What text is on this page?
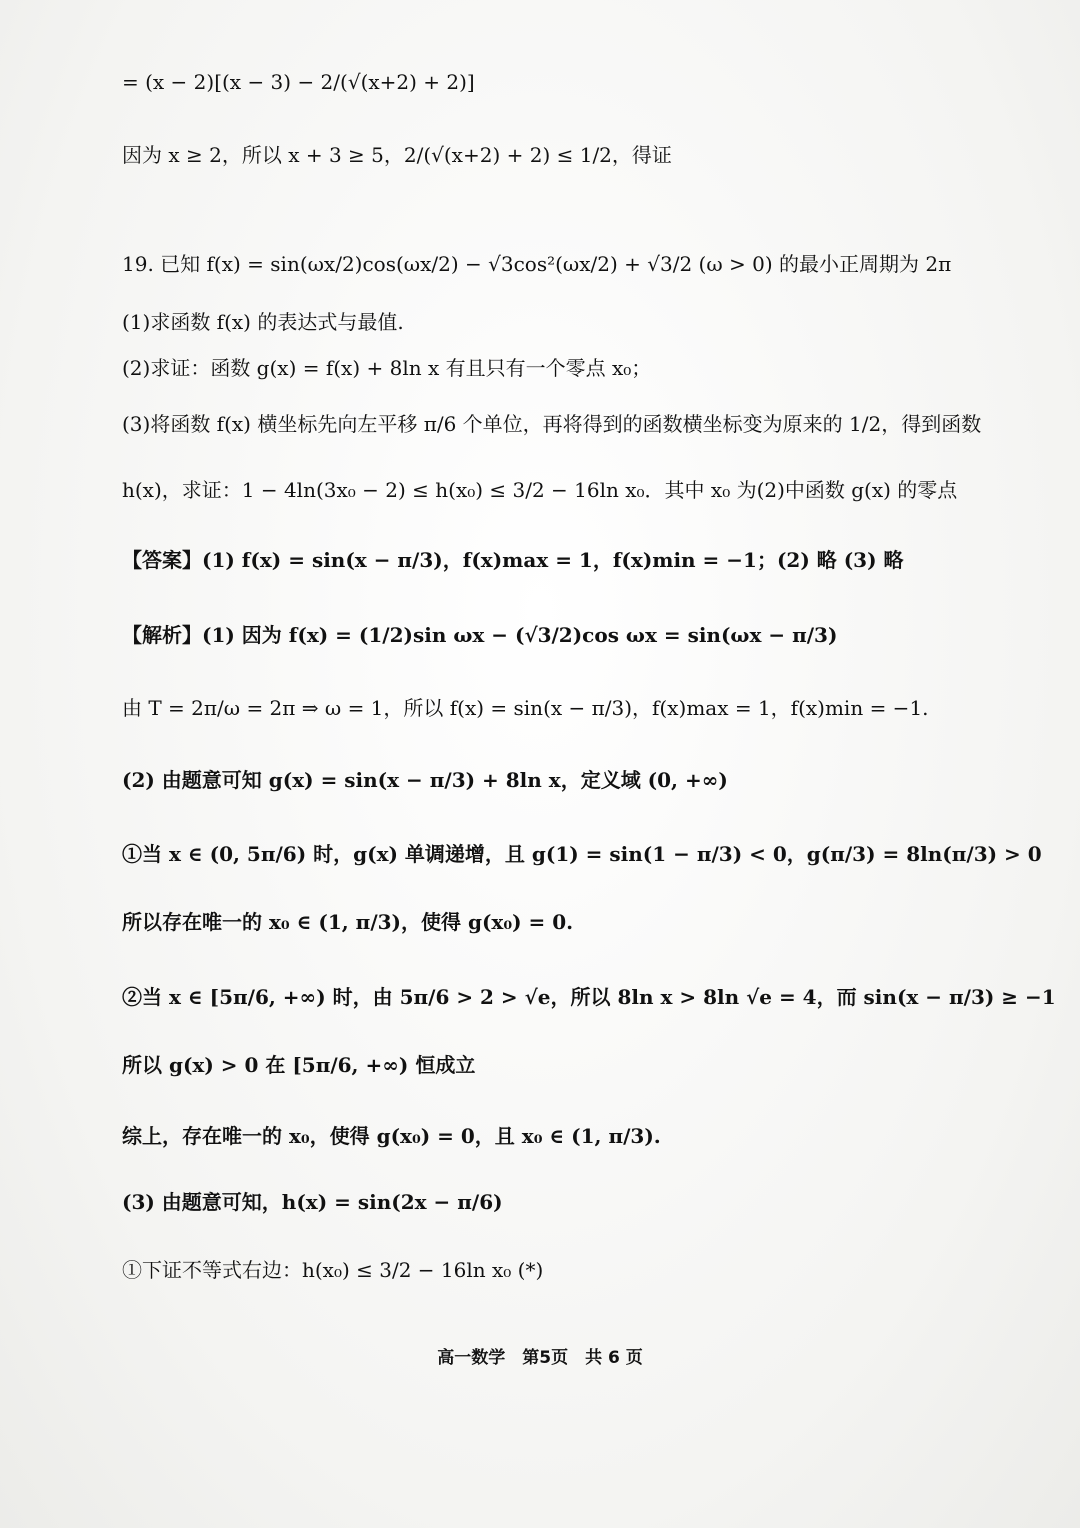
= (x − 2)[(x − 3) − 2/(√(x+2) + 2)]
因为 x ≥ 2，所以 x + 3 ≥ 5，2/(√(x+2) + 2) ≤ 1/2，得证
19. 已知 f(x) = sin(ωx/2)cos(ωx/2) − √3cos²(ωx/2) + √3/2 (ω > 0) 的最小正周期为 2π
(1)求函数 f(x) 的表达式与最值.
(2)求证：函数 g(x) = f(x) + 8ln x 有且只有一个零点 x₀；
(3)将函数 f(x) 横坐标先向左平移 π/6 个单位，再将得到的函数横坐标变为原来的 1/2，得到函数
h(x)，求证：1 − 4ln(3x₀ − 2) ≤ h(x₀) ≤ 3/2 − 16ln x₀．其中 x₀ 为(2)中函数 g(x) 的零点
【答案】(1) f(x) = sin(x − π/3)，f(x)max = 1，f(x)min = −1；(2) 略 (3) 略
【解析】(1) 因为 f(x) = (1/2)sin ωx − (√3/2)cos ωx = sin(ωx − π/3)
由 T = 2π/ω = 2π ⇒ ω = 1，所以 f(x) = sin(x − π/3)，f(x)max = 1，f(x)min = −1.
(2) 由题意可知 g(x) = sin(x − π/3) + 8ln x，定义域 (0, +∞)
①当 x ∈ (0, 5π/6) 时，g(x) 单调递增，且 g(1) = sin(1 − π/3) < 0，g(π/3) = 8ln(π/3) > 0
所以存在唯一的 x₀ ∈ (1, π/3)，使得 g(x₀) = 0.
②当 x ∈ [5π/6, +∞) 时，由 5π/6 > 2 > √e，所以 8ln x > 8ln √e = 4，而 sin(x − π/3) ≥ −1
所以 g(x) > 0 在 [5π/6, +∞) 恒成立
综上，存在唯一的 x₀，使得 g(x₀) = 0，且 x₀ ∈ (1, π/3).
(3) 由题意可知，h(x) = sin(2x − π/6)
①下证不等式右边：h(x₀) ≤ 3/2 − 16ln x₀ (*)
高一数学　第5页　共 6 页
